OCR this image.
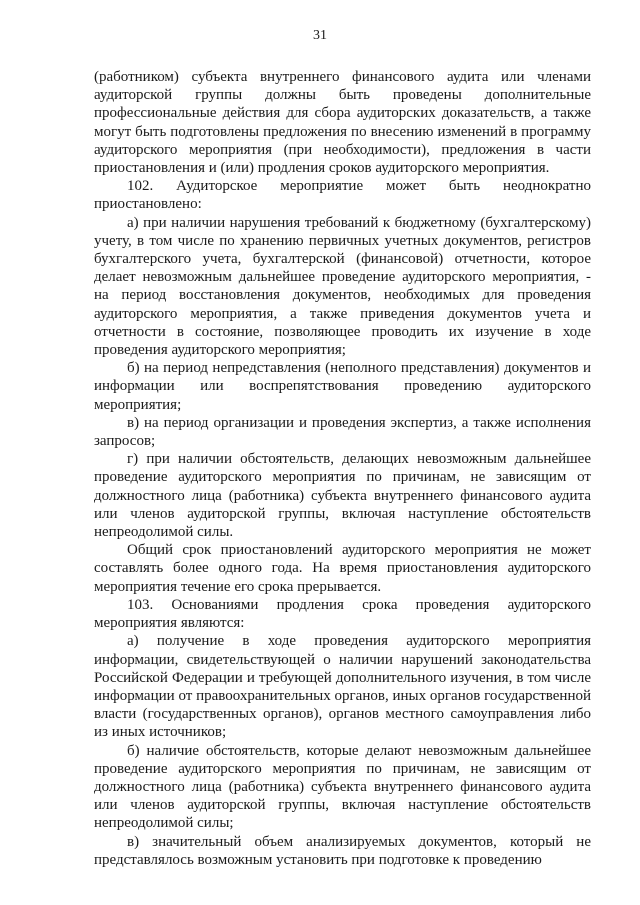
31

(работником) субъекта внутреннего финансового аудита или членами аудиторской группы должны быть проведены дополнительные профессиональные действия для сбора аудиторских доказательств, а также могут быть подготовлены предложения по внесению изменений в программу аудиторского мероприятия (при необходимости), предложения в части приостановления и (или) продления сроков аудиторского мероприятия.

102. Аудиторское мероприятие может быть неоднократно приостановлено:

а) при наличии нарушения требований к бюджетному (бухгалтерскому) учету, в том числе по хранению первичных учетных документов, регистров бухгалтерского учета, бухгалтерской (финансовой) отчетности, которое делает невозможным дальнейшее проведение аудиторского мероприятия, - на период восстановления документов, необходимых для проведения аудиторского мероприятия, а также приведения документов учета и отчетности в состояние, позволяющее проводить их изучение в ходе проведения аудиторского мероприятия;

б) на период непредставления (неполного представления) документов и информации или воспрепятствования проведению аудиторского мероприятия;

в) на период организации и проведения экспертиз, а также исполнения запросов;

г) при наличии обстоятельств, делающих невозможным дальнейшее проведение аудиторского мероприятия по причинам, не зависящим от должностного лица (работника) субъекта внутреннего финансового аудита или членов аудиторской группы, включая наступление обстоятельств непреодолимой силы.

Общий срок приостановлений аудиторского мероприятия не может составлять более одного года. На время приостановления аудиторского мероприятия течение его срока прерывается.

103. Основаниями продления срока проведения аудиторского мероприятия являются:

а) получение в ходе проведения аудиторского мероприятия информации, свидетельствующей о наличии нарушений законодательства Российской Федерации и требующей дополнительного изучения, в том числе информации от правоохранительных органов, иных органов государственной власти (государственных органов), органов местного самоуправления либо из иных источников;

б) наличие обстоятельств, которые делают невозможным дальнейшее проведение аудиторского мероприятия по причинам, не зависящим от должностного лица (работника) субъекта внутреннего финансового аудита или членов аудиторской группы, включая наступление обстоятельств непреодолимой силы;

в) значительный объем анализируемых документов, который не представлялось возможным установить при подготовке к проведению
